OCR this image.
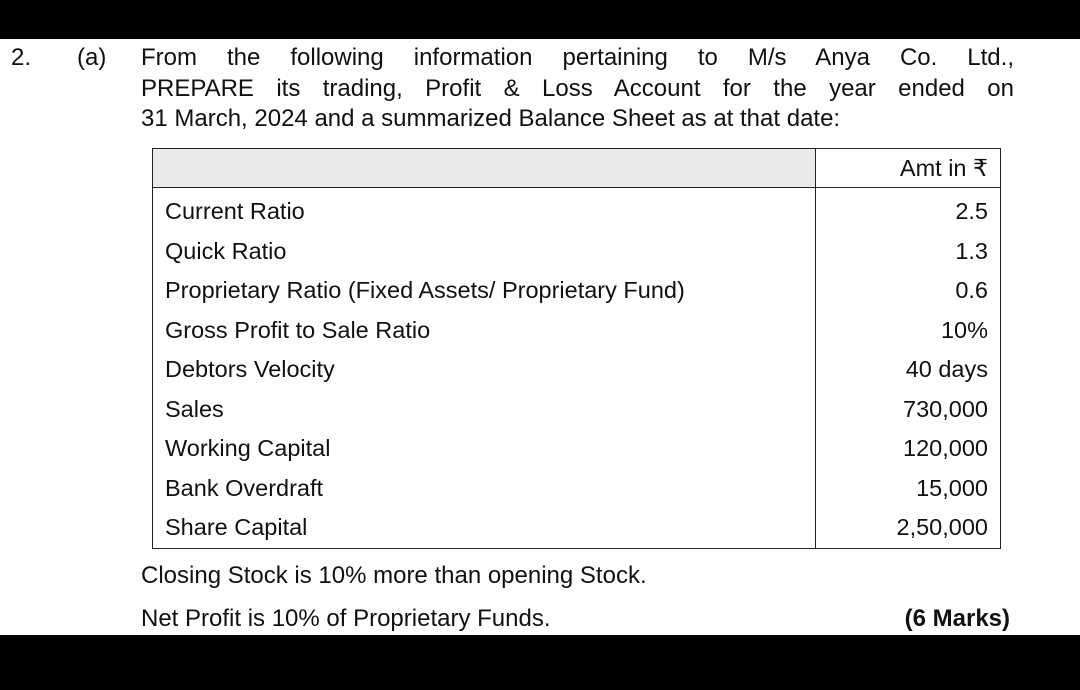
2. (a) From the following information pertaining to M/s Anya Co. Ltd.,
PREPARE its trading, Profit & Loss Account for the year ended on
31 March, 2024 and a summarized Balance Sheet as at that date:
	Amt in ₹
Current Ratio	2.5
Quick Ratio	1.3
Proprietary Ratio (Fixed Assets/ Proprietary Fund)	0.6
Gross Profit to Sale Ratio	10%
Debtors Velocity	40 days
Sales	730,000
Working Capital	120,000
Bank Overdraft	15,000
Share Capital	2,50,000
Closing Stock is 10% more than opening Stock.
Net Profit is 10% of Proprietary Funds.	(6 Marks)
